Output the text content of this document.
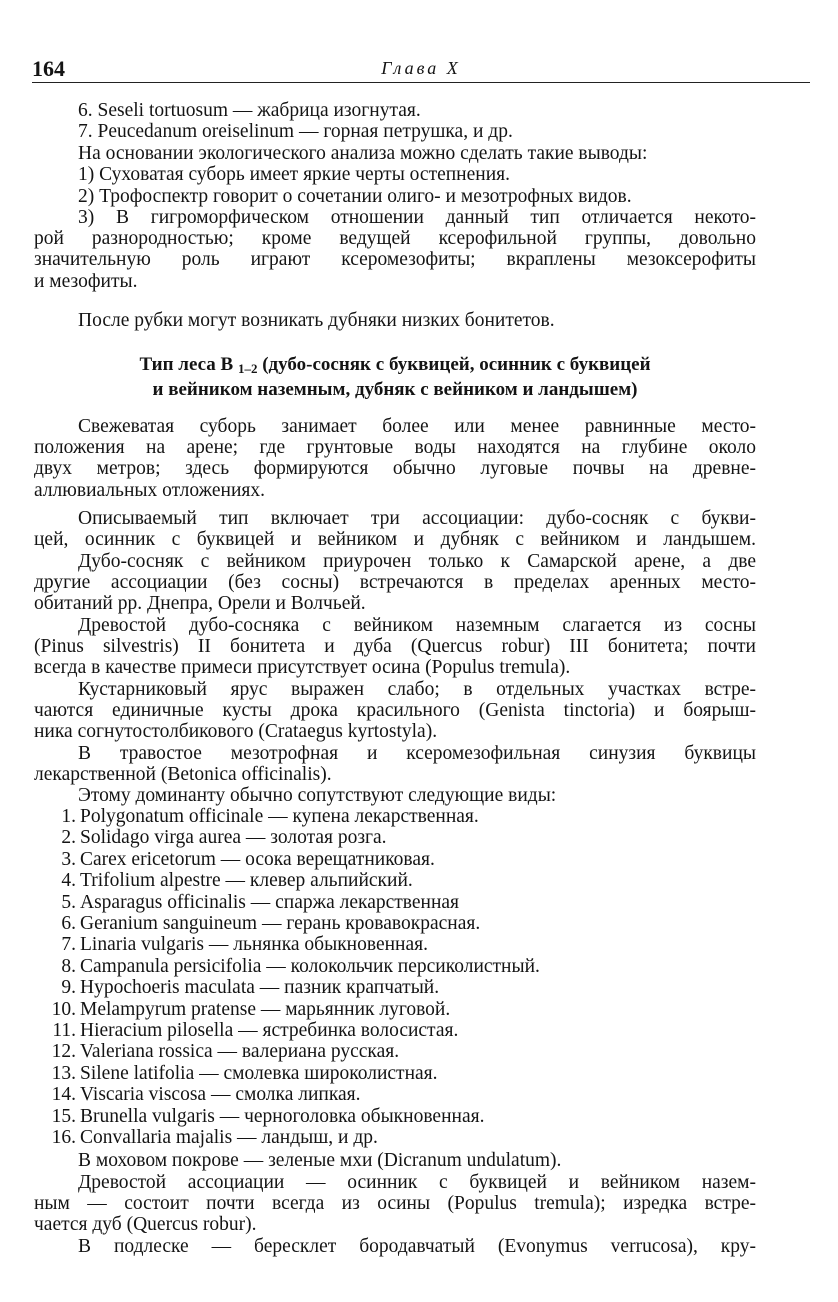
164	Глава X
6. Seseli tortuosum — жабрица изогнутая.
7. Peucedanum oreiselinum — горная петрушка, и др.
На основании экологического анализа можно сделать такие выводы:
1) Суховатая суборь имеет яркие черты остепнения.
2) Трофоспектр говорит о сочетании олиго- и мезотрофных видов.
3) В гигроморфическом отношении данный тип отличается некото-
рой разнородностью; кроме ведущей ксерофильной группы, довольно
значительную роль играют ксеромезофиты; вкраплены мезоксерофиты
и мезофиты.
После рубки могут возникать дубняки низких бонитетов.
Тип леса В $_{1-2}$ (дубо-сосняк с буквицей, осинник с буквицей
и вейником наземным, дубняк с вейником и ландышем)
Свежеватая суборь занимает более или менее равнинные место-
положения на арене; где грунтовые воды находятся на глубине около
двух метров; здесь формируются обычно луговые почвы на древне-
аллювиальных отложениях.
Описываемый тип включает три ассоциации: дубо-сосняк с букви-
цей, осинник с буквицей и вейником и дубняк с вейником и ландышем.
Дубо-сосняк с вейником приурочен только к Самарской арене, а две
другие ассоциации (без сосны) встречаются в пределах аренных место-
обитаний рр. Днепра, Орели и Волчьей.
Древостой дубо-сосняка с вейником наземным слагается из сосны
(Pinus silvestris) II бонитета и дуба (Quercus robur) III бонитета; почти
всегда в качестве примеси присутствует осина (Populus tremula).
Кустарниковый ярус выражен слабо; в отдельных участках встре-
чаются единичные кусты дрока красильного (Genista tinctoria) и боярыш-
ника согнутостолбикового (Crataegus kyrtostyla).
В травостое мезотрофная и ксеромезофильная синузия буквицы
лекарственной (Betonica officinalis).
Этому доминанту обычно сопутствуют следующие виды:
1. Polygonatum officinale — купена лекарственная.
2. Solidago virga aurea — золотая розга.
3. Carex ericetorum — осока верещатниковая.
4. Trifolium alpestre — клевер альпийский.
5. Asparagus officinalis — спаржа лекарственная
6. Geranium sanguineum — герань кровавокрасная.
7. Linaria vulgaris — льнянка обыкновенная.
8. Campanula persicifolia — колокольчик персиколистный.
9. Hypochoeris maculata — пазник крапчатый.
10. Melampyrum pratense — марьянник луговой.
11. Hieracium pilosella — ястребинка волосистая.
12. Valeriana rossica — валериана русская.
13. Silene latifolia — смолевка широколистная.
14. Viscaria viscosa — смолка липкая.
15. Brunella vulgaris — черноголовка обыкновенная.
16. Convallaria majalis — ландыш, и др.
В моховом покрове — зеленые мхи (Dicranum undulatum).
Древостой ассоциации — осинник с буквицей и вейником назем-
ным — состоит почти всегда из осины (Populus tremula); изредка встре-
чается дуб (Quercus robur).
В подлеске — бересклет бородавчатый (Evonymus verrucosa), кру-
